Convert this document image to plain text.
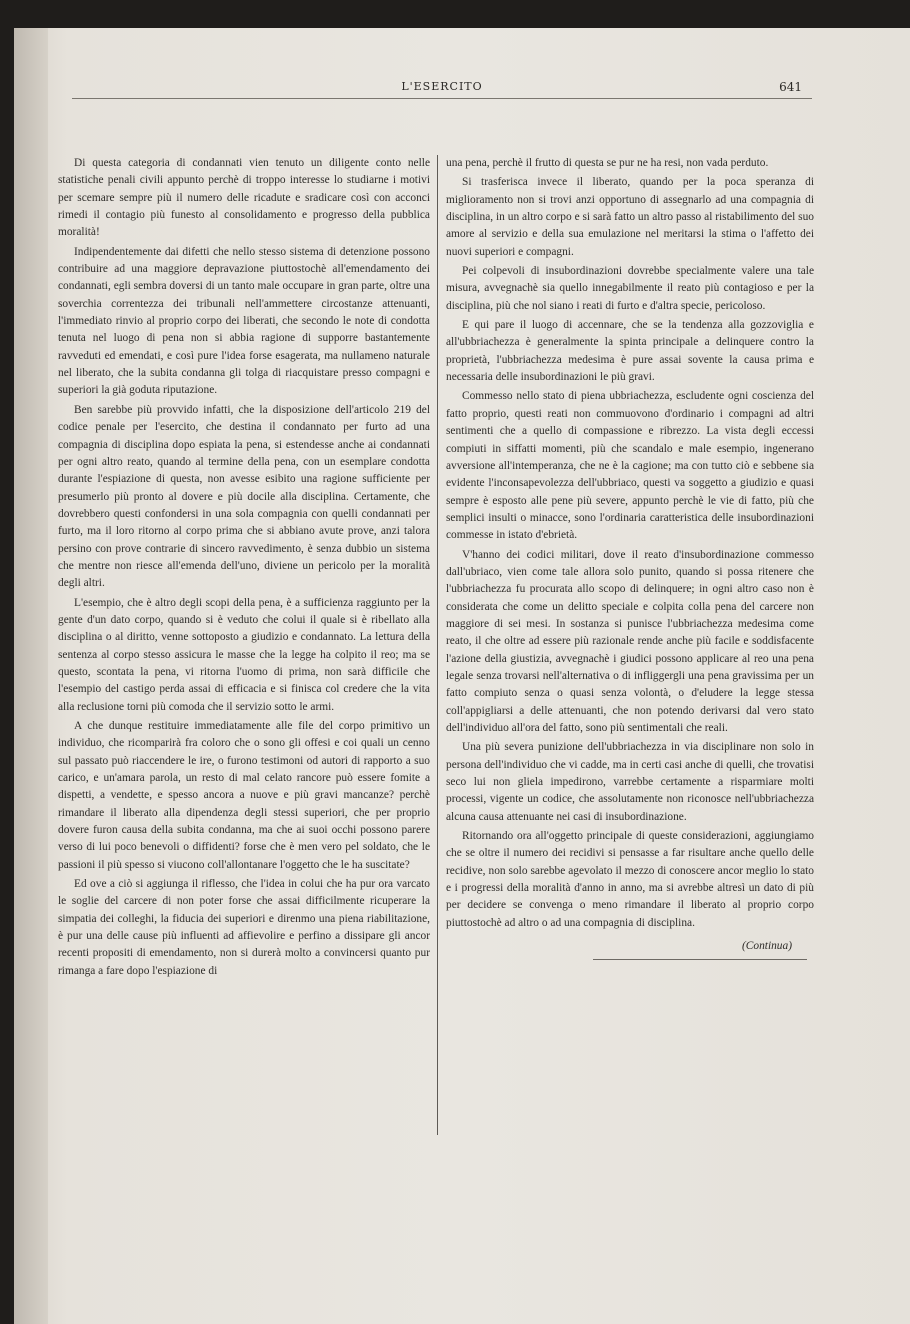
L'ESERCITO	641

Di questa categoria di condannati vien tenuto un diligente conto nelle statistiche penali civili appunto perchè di troppo interesse lo studiarne i motivi per scemare sempre più il numero delle ricadute e sradicare così con acconci rimedi il contagio più funesto al consolidamento e progresso della pubblica moralità!

Indipendentemente dai difetti che nello stesso sistema di detenzione possono contribuire ad una maggiore depravazione piuttostochè all'emendamento dei condannati, egli sembra doversi di un tanto male occupare in gran parte, oltre una soverchia correntezza dei tribunali nell'ammettere circostanze attenuanti, l'immediato rinvio al proprio corpo dei liberati, che secondo le note di condotta tenuta nel luogo di pena non si abbia ragione di supporre bastantemente ravveduti ed emendati, e così pure l'idea forse esagerata, ma nullameno naturale nel liberato, che la subita condanna gli tolga di riacquistare presso compagni e superiori la già goduta riputazione.

Ben sarebbe più provvido infatti, che la disposizione dell'articolo 219 del codice penale per l'esercito, che destina il condannato per furto ad una compagnia di disciplina dopo espiata la pena, si estendesse anche ai condannati per ogni altro reato, quando al termine della pena, con un esemplare condotta durante l'espiazione di questa, non avesse esibito una ragione sufficiente per presumerlo più pronto al dovere e più docile alla disciplina. Certamente, che dovrebbero questi confondersi in una sola compagnia con quelli condannati per furto, ma il loro ritorno al corpo prima che si abbiano avute prove, anzi talora persino con prove contrarie di sincero ravvedimento, è senza dubbio un sistema che mentre non riesce all'emenda dell'uno, diviene un pericolo per la moralità degli altri.

L'esempio, che è altro degli scopi della pena, è a sufficienza raggiunto per la gente d'un dato corpo, quando si è veduto che colui il quale si è ribellato alla disciplina o al diritto, venne sottoposto a giudizio e condannato. La lettura della sentenza al corpo stesso assicura le masse che la legge ha colpito il reo; ma se questo, scontata la pena, vi ritorna l'uomo di prima, non sarà difficile che l'esempio del castigo perda assai di efficacia e si finisca col credere che la vita alla reclusione torni più comoda che il servizio sotto le armi.

A che dunque restituire immediatamente alle file del corpo primitivo un individuo, che ricomparirà fra coloro che o sono gli offesi e coi quali un cenno sul passato può riaccendere le ire, o furono testimoni od autori di rapporto a suo carico, e un'amara parola, un resto di mal celato rancore può essere fomite a dispetti, a vendette, e spesso ancora a nuove e più gravi mancanze? perchè rimandare il liberato alla dipendenza degli stessi superiori, che per proprio dovere furon causa della subita condanna, ma che ai suoi occhi possono parere verso di lui poco benevoli o diffidenti? forse che è men vero pel soldato, che le passioni il più spesso si viucono coll'allontanare l'oggetto che le ha suscitate?

Ed ove a ciò si aggiunga il riflesso, che l'idea in colui che ha pur ora varcato le soglie del carcere di non poter forse che assai difficilmente ricuperare la simpatia dei colleghi, la fiducia dei superiori e direnmo una piena riabilitazione, è pur una delle cause più influenti ad affievolire e perfino a dissipare gli ancor recenti propositi di emendamento, non si durerà molto a convincersi quanto pur rimanga a fare dopo l'espiazione di

una pena, perchè il frutto di questa se pur ne ha resi, non vada perduto.

Si trasferisca invece il liberato, quando per la poca speranza di miglioramento non si trovi anzi opportuno di assegnarlo ad una compagnia di disciplina, in un altro corpo e si sarà fatto un altro passo al ristabilimento del suo amore al servizio e della sua emulazione nel meritarsi la stima o l'affetto dei nuovi superiori e compagni.

Pei colpevoli di insubordinazioni dovrebbe specialmente valere una tale misura, avvegnachè sia quello innegabilmente il reato più contagioso e per la disciplina, più che nol siano i reati di furto e d'altra specie, pericoloso.

E qui pare il luogo di accennare, che se la tendenza alla gozzoviglia e all'ubbriachezza è generalmente la spinta principale a delinquere contro la proprietà, l'ubbriachezza medesima è pure assai sovente la causa prima e necessaria delle insubordinazioni le più gravi.

Commesso nello stato di piena ubbriachezza, escludente ogni coscienza del fatto proprio, questi reati non commuovono d'ordinario i compagni ad altri sentimenti che a quello di compassione e ribrezzo. La vista degli eccessi compiuti in siffatti momenti, più che scandalo e male esempio, ingenerano avversione all'intemperanza, che ne è la cagione; ma con tutto ciò e sebbene sia evidente l'inconsapevolezza dell'ubbriaco, questi va soggetto a giudizio e quasi sempre è esposto alle pene più severe, appunto perchè le vie di fatto, più che semplici insulti o minacce, sono l'ordinaria caratteristica delle insubordinazioni commesse in istato d'ebrietà.

V'hanno dei codici militari, dove il reato d'insubordinazione commesso dall'ubriaco, vien come tale allora solo punito, quando si possa ritenere che l'ubbriachezza fu procurata allo scopo di delinquere; in ogni altro caso non è considerata che come un delitto speciale e colpita colla pena del carcere non maggiore di sei mesi. In sostanza si punisce l'ubbriachezza medesima come reato, il che oltre ad essere più razionale rende anche più facile e soddisfacente l'azione della giustizia, avvegnachè i giudici possono applicare al reo una pena legale senza trovarsi nell'alternativa o di infliggergli una pena gravissima per un fatto compiuto senza o quasi senza volontà, o d'eludere la legge stessa coll'appigliarsi a delle attenuanti, che non potendo derivarsi dal vero stato dell'individuo all'ora del fatto, sono più sentimentali che reali.

Una più severa punizione dell'ubbriachezza in via disciplinare non solo in persona dell'individuo che vi cadde, ma in certi casi anche di quelli, che trovatisi seco lui non gliela impedirono, varrebbe certamente a risparmiare molti processi, vigente un codice, che assolutamente non riconosce nell'ubbriachezza alcuna causa attenuante nei casi di insubordinazione.

Ritornando ora all'oggetto principale di queste considerazioni, aggiungiamo che se oltre il numero dei recidivi si pensasse a far risultare anche quello delle recidive, non solo sarebbe agevolato il mezzo di conoscere ancor meglio lo stato e i progressi della moralità d'anno in anno, ma si avrebbe altresì un dato di più per decidere se convenga o meno rimandare il liberato al proprio corpo piuttostochè ad altro o ad una compagnia di disciplina.

(Continua)
